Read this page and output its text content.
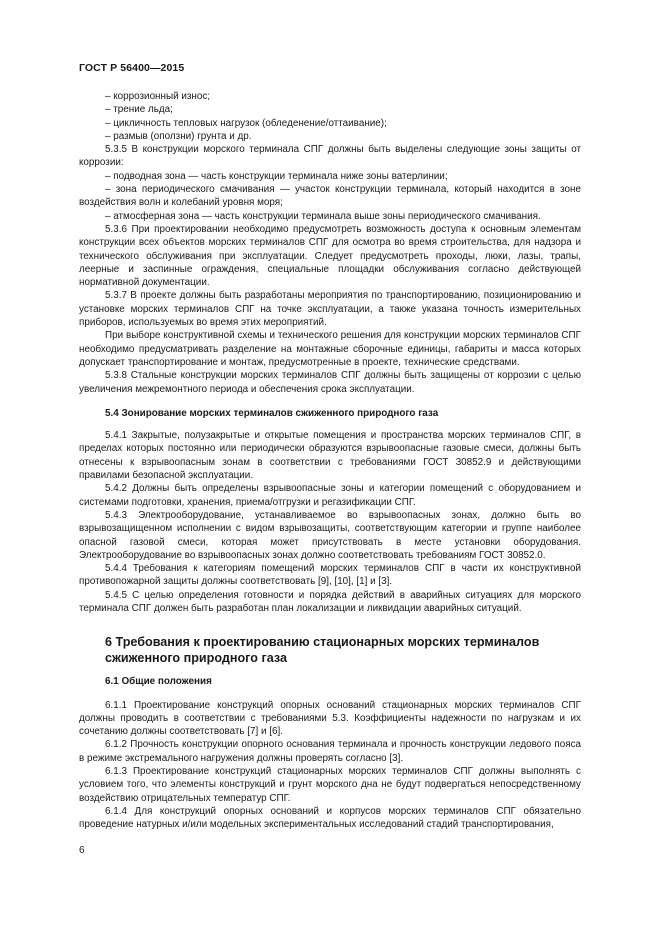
ГОСТ Р 56400—2015

– коррозионный износ;

– трение льда;

– цикличность тепловых нагрузок (обледенение/оттаивание);

– размыв (оползни) грунта и др.

5.3.5 В конструкции морского терминала СПГ должны быть выделены следующие зоны защиты от коррозии:

– подводная зона — часть конструкции терминала ниже зоны ватерлинии;

– зона периодического смачивания — участок конструкции терминала, который находится в зоне воздействия волн и колебаний уровня моря;

– атмосферная зона — часть конструкции терминала выше зоны периодического смачивания.

5.3.6 При проектировании необходимо предусмотреть возможность доступа к основным элементам конструкции всех объектов морских терминалов СПГ для осмотра во время строительства, для надзора и технического обслуживания при эксплуатации. Следует предусмотреть проходы, люки, лазы, трапы, леерные и заспинные ограждения, специальные площадки обслуживания согласно действующей нормативной документации.

5.3.7 В проекте должны быть разработаны мероприятия по транспортированию, позиционированию и установке морских терминалов СПГ на точке эксплуатации, а также указана точность измерительных приборов, используемых во время этих мероприятий.

При выборе конструктивной схемы и технического решения для конструкции морских терминалов СПГ необходимо предусматривать разделение на монтажные сборочные единицы, габариты и масса которых допускает транспортирование и монтаж, предусмотренные в проекте, технические средствами.

5.3.8 Стальные конструкции морских терминалов СПГ должны быть защищены от коррозии с целью увеличения межремонтного периода и обеспечения срока эксплуатации.

5.4 Зонирование морских терминалов сжиженного природного газа

5.4.1 Закрытые, полузакрытые и открытые помещения и пространства морских терминалов СПГ, в пределах которых постоянно или периодически образуются взрывоопасные газовые смеси, должны быть отнесены к взрывоопасным зонам в соответствии с требованиями ГОСТ 30852.9 и действующими правилами безопасной эксплуатации.

5.4.2 Должны быть определены взрывоопасные зоны и категории помещений с оборудованием и системами подготовки, хранения, приема/отгрузки и регазификации СПГ.

5.4.3 Электрооборудование, устанавливаемое во взрывоопасных зонах, должно быть во взрывозащищенном исполнении с видом взрывозащиты, соответствующим категории и группе наиболее опасной газовой смеси, которая может присутствовать в месте установки оборудования. Электрооборудование во взрывоопасных зонах должно соответствовать требованиям ГОСТ 30852.0.

5.4.4 Требования к категориям помещений морских терминалов СПГ в части их конструктивной противопожарной защиты должны соответствовать [9], [10], [1] и [3].

5.4.5 С целью определения готовности и порядка действий в аварийных ситуациях для морского терминала СПГ должен быть разработан план локализации и ликвидации аварийных ситуаций.

6 Требования к проектированию стационарных морских терминалов сжиженного природного газа

6.1 Общие положения

6.1.1 Проектирование конструкций опорных оснований стационарных морских терминалов СПГ должны проводить в соответствии с требованиями 5.3. Коэффициенты надежности по нагрузкам и их сочетанию должны соответствовать [7] и [6].

6.1.2 Прочность конструкции опорного основания терминала и прочность конструкции ледового пояса в режиме экстремального нагружения должны проверять согласно [3].

6.1.3 Проектирование конструкций стационарных морских терминалов СПГ должны выполнять с условием того, что элементы конструкций и грунт морского дна не будут подвергаться непосредственному воздействию отрицательных температур СПГ.

6.1.4 Для конструкций опорных оснований и корпусов морских терминалов СПГ обязательно проведение натурных и/или модельных экспериментальных исследований стадий транспортирования,

6
